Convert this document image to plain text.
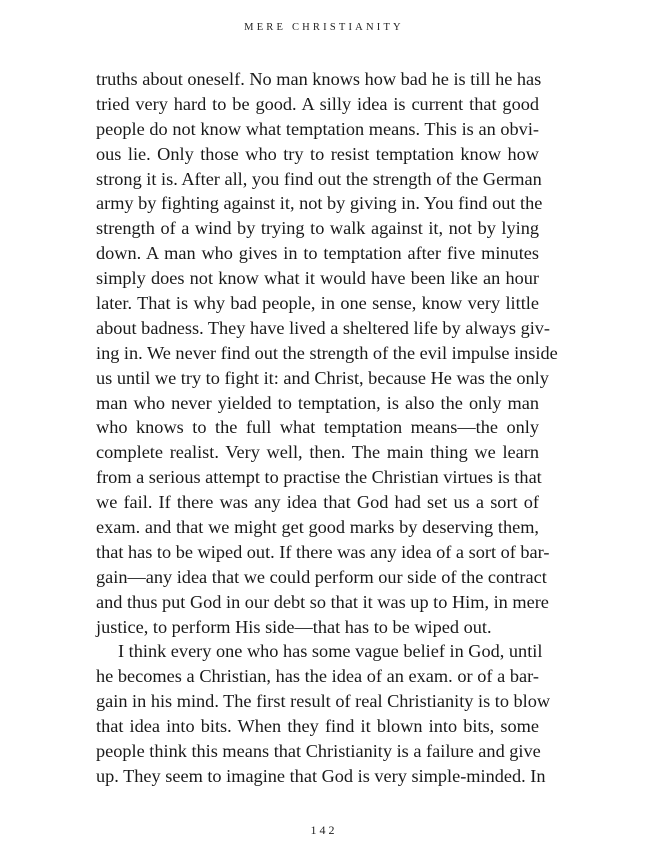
MERE CHRISTIANITY
truths about oneself. No man knows how bad he is till he has
tried very hard to be good. A silly idea is current that good
people do not know what temptation means. This is an obvi-
ous lie. Only those who try to resist temptation know how
strong it is. After all, you find out the strength of the German
army by fighting against it, not by giving in. You find out the
strength of a wind by trying to walk against it, not by lying
down. A man who gives in to temptation after five minutes
simply does not know what it would have been like an hour
later. That is why bad people, in one sense, know very little
about badness. They have lived a sheltered life by always giv-
ing in. We never find out the strength of the evil impulse inside
us until we try to fight it: and Christ, because He was the only
man who never yielded to temptation, is also the only man
who knows to the full what temptation means—the only
complete realist. Very well, then. The main thing we learn
from a serious attempt to practise the Christian virtues is that
we fail. If there was any idea that God had set us a sort of
exam. and that we might get good marks by deserving them,
that has to be wiped out. If there was any idea of a sort of bar-
gain—any idea that we could perform our side of the contract
and thus put God in our debt so that it was up to Him, in mere
justice, to perform His side—that has to be wiped out.
I think every one who has some vague belief in God, until
he becomes a Christian, has the idea of an exam. or of a bar-
gain in his mind. The first result of real Christianity is to blow
that idea into bits. When they find it blown into bits, some
people think this means that Christianity is a failure and give
up. They seem to imagine that God is very simple-minded. In
142
